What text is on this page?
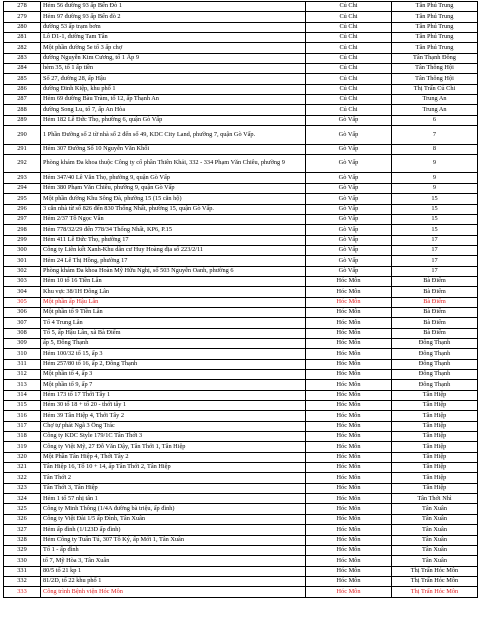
278	Hẻm 56 đường 93 ấp Bến Đò 1	Củ Chi	Tân Phú Trung
279	Hẻm 97 đường 93 ấp Bến đò 2	Củ Chi	Tân Phú Trung
280	đường 53 ấp trạm bơm	Củ Chi	Tân Phú Trung
281	Lô D1-1, đường Tam Tân	Củ Chi	Tân Phú Trung
282	Một phần đường 5e tổ 3 ấp chợ	Củ Chi	Tân Phú Trung
283	đường Nguyễn Kim Cương, tổ 1 Ấp 9	Củ Chi	Tân Thạnh Đông
284	hẻm 35, tổ 1 ấp tiền	Củ Chi	Tân Thông Hội
285	Số 27, đường 28, ấp Hậu	Củ Chi	Tân Thông Hội
286	đường Đinh Kiệp, khu phố 1	Củ Chi	Thị Trấn Củ Chi
287	Hẻm 69 đường Bàu Tràm, tổ 12, ấp Thạnh An	Củ Chi	Trung An
288	đường Song Lu, tổ 7, ấp An Hòa	Củ Chi	Trung An
289	Hẻm 182 Lê Đức Thọ, phường 6, quận Gò Vấp	Gò Vấp	6
290	1 Phần Đường số 2 từ nhà số 2 đến số 49, KDC City Land, phường 7, quận Gò Vấp.	Gò Vấp	7
291	Hẻm 307 Đường Số 10 Nguyễn Văn Khối	Gò Vấp	8
292	Phòng khám Đa khoa thuộc Công ty cổ phần Thiên Khải, 332 - 334 Phạm Văn Chiêu, phường 9	Gò Vấp	9
293	Hẻm 347/40 Lê Văn Thọ, phường 9, quận Gò Vấp	Gò Vấp	9
294	Hẻm 380 Phạm Văn Chiêu, phường 9, quận Gò Vấp	Gò Vấp	9
295	Một phần đường Khu Sông Đà, phường 15 (15 căn hộ)	Gò Vấp	15
296	3 căn nhà từ số 826 đến 830 Thống Nhất, phường 15, quận Gò Vấp.	Gò Vấp	15
297	Hẻm 2/37 Tô Ngọc Vân	Gò Vấp	15
298	Hẻm 778/32/29 đến 778/34 Thống Nhất, KP6, P.15	Gò Vấp	15
299	Hẻm 411 Lê Đức Thọ, phường 17	Gò Vấp	17
300	Công ty Liên kết Xanh-Khu dân cư Huy Hoàng địa số 223/2/11	Gò Vấp	17
301	Hẻm 24 Lê Thị Hồng, phường 17	Gò Vấp	17
302	Phòng khám Đa khoa Hoàn Mỹ Hữu Nghị, số 503 Nguyễn Oanh, phường 6	Gò Vấp	17
303	Hẻm 10 tổ 16 Tiền Lân	Hóc Môn	Bà Điểm
304	Khu vực 38/1H Đông Lân	Hóc Môn	Bà Điểm
305	Một phần ấp Hậu Lân	Hóc Môn	Bà Điểm
306	Một phần tổ 9 Tiền Lân	Hóc Môn	Bà Điểm
307	Tổ 4 Trung Lân	Hóc Môn	Bà Điểm
308	Tổ 5, ấp Hậu Lân, xã Bà Điểm	Hóc Môn	Bà Điểm
309	ấp 5, Đông Thạnh	Hóc Môn	Đông Thạnh
310	Hẻm 100/32 tổ 15, ấp 3	Hóc Môn	Đông Thạnh
311	Hẻm 257/80 tổ 16, ấp 2, Đông Thạnh	Hóc Môn	Đông Thạnh
312	Một phần tổ 4, ấp 3	Hóc Môn	Đông Thạnh
313	Một phần tổ 9, ấp 7	Hóc Môn	Đông Thạnh
314	Hẻm 173 tổ 17 Thới Tây 1	Hóc Môn	Tân Hiệp
315	Hẻm 30 tổ 18 + tổ 20 - thới tây 1	Hóc Môn	Tân Hiệp
316	Hẻm 39 Tân Hiệp 4, Thới Tây 2	Hóc Môn	Tân Hiệp
317	Chợ tự phát Ngã 3 Ông Trác	Hóc Môn	Tân Hiệp
318	Công ty KDC Style 179/1C Tân Thới 3	Hóc Môn	Tân Hiệp
319	Công ty Việt Mỹ, 27 Đỗ Văn Dậy, Tân Thới 1, Tân Hiệp	Hóc Môn	Tân Hiệp
320	Một Phần Tân Hiệp 4, Thới Tây 2	Hóc Môn	Tân Hiệp
321	Tân Hiệp 16, Tổ 10 + 14, ấp Tân Thới 2, Tân Hiệp	Hóc Môn	Tân Hiệp
322	Tân Thới 2	Hóc Môn	Tân Hiệp
323	Tân Thới 3, Tân Hiệp	Hóc Môn	Tân Hiệp
324	Hẻm 1 tổ 57 nhị tân 1	Hóc Môn	Tân Thới Nhì
325	Công ty Minh Thông (1/4A đường bà triệu, ấp đình)	Hóc Môn	Tân Xuân
326	Công ty Việt Đài 1/5 ấp Đình, Tân Xuân	Hóc Môn	Tân Xuân
327	Hẻm ấp đình (1/123D ấp đình)	Hóc Môn	Tân Xuân
328	Hẻm Công ty Tuấn Tú, 307 Tô Ký, ấp Mới 1, Tân Xuân	Hóc Môn	Tân Xuân
329	Tổ 1 - ấp đình	Hóc Môn	Tân Xuân
330	tổ 7, Mỹ Hòa 3, Tân Xuân	Hóc Môn	Tân Xuân
331	80/5 tổ 21 kp 1	Hóc Môn	Thị Trấn Hóc Môn
332	81/2D, tổ 22 khu phố 1	Hóc Môn	Thị Trấn Hóc Môn
333	Công trình Bệnh viện Hóc Môn	Hóc Môn	Thị Trấn Hóc Môn
